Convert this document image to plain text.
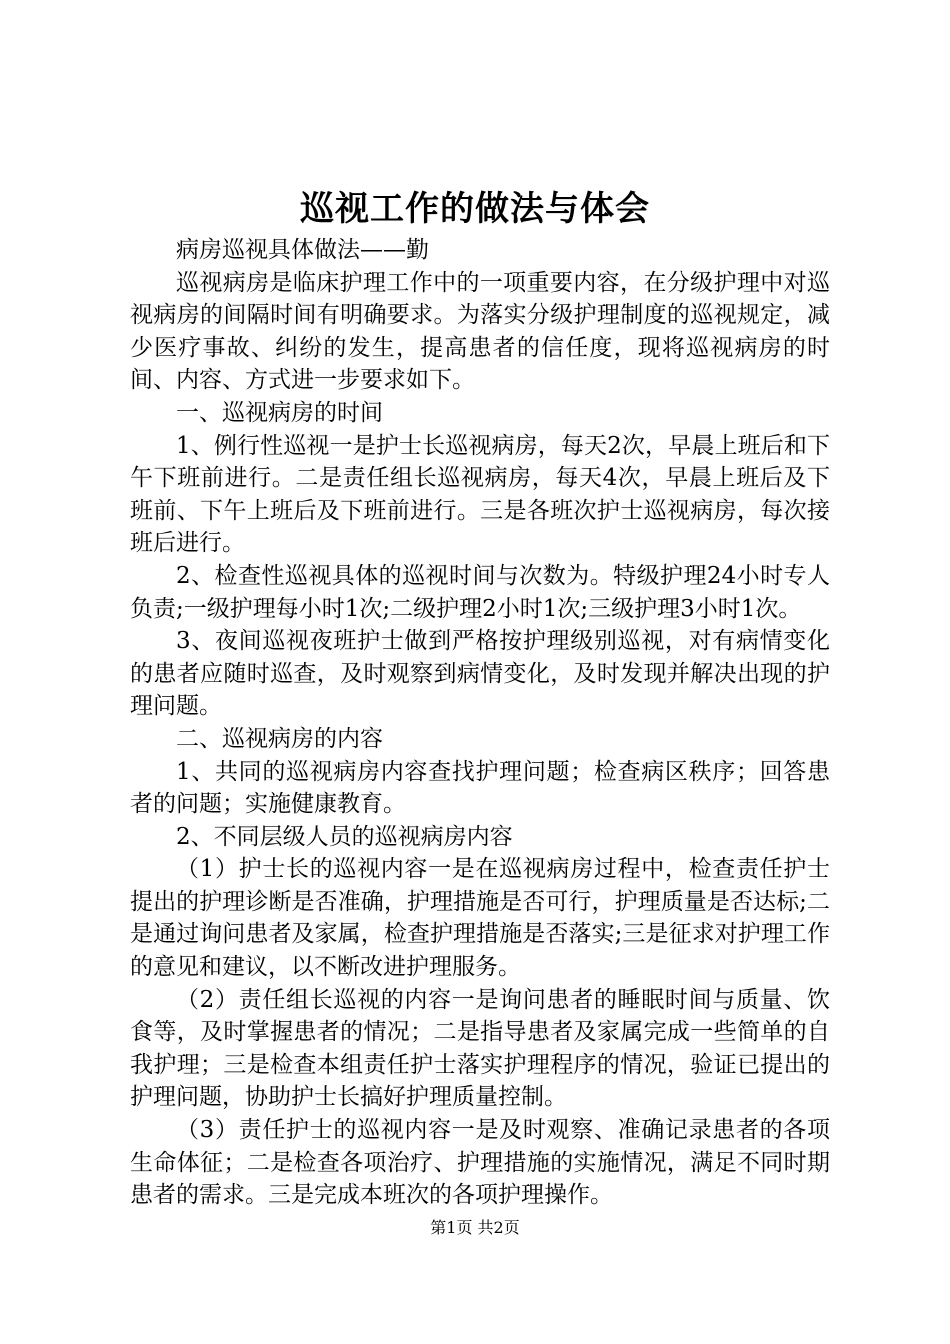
巡视工作的做法与体会

病房巡视具体做法——勤

巡视病房是临床护理工作中的一项重要内容，在分级护理中对巡视病房的间隔时间有明确要求。为落实分级护理制度的巡视规定，减少医疗事故、纠纷的发生，提高患者的信任度，现将巡视病房的时间、内容、方式进一步要求如下。

一、巡视病房的时间

1、例行性巡视一是护士长巡视病房，每天2次，早晨上班后和下午下班前进行。二是责任组长巡视病房，每天4次，早晨上班后及下班前、下午上班后及下班前进行。三是各班次护士巡视病房，每次接班后进行。

2、检查性巡视具体的巡视时间与次数为。特级护理24小时专人负责;一级护理每小时1次;二级护理2小时1次;三级护理3小时1次。

3、夜间巡视夜班护士做到严格按护理级别巡视，对有病情变化的患者应随时巡查，及时观察到病情变化，及时发现并解决出现的护理问题。

二、巡视病房的内容

1、共同的巡视病房内容查找护理问题；检查病区秩序；回答患者的问题；实施健康教育。

2、不同层级人员的巡视病房内容

（1）护士长的巡视内容一是在巡视病房过程中，检查责任护士提出的护理诊断是否准确，护理措施是否可行，护理质量是否达标;二是通过询问患者及家属，检查护理措施是否落实;三是征求对护理工作的意见和建议，以不断改进护理服务。

（2）责任组长巡视的内容一是询问患者的睡眠时间与质量、饮食等，及时掌握患者的情况；二是指导患者及家属完成一些简单的自我护理；三是检查本组责任护士落实护理程序的情况，验证已提出的护理问题，协助护士长搞好护理质量控制。

（3）责任护士的巡视内容一是及时观察、准确记录患者的各项生命体征；二是检查各项治疗、护理措施的实施情况，满足不同时期患者的需求。三是完成本班次的各项护理操作。

第1页 共2页
